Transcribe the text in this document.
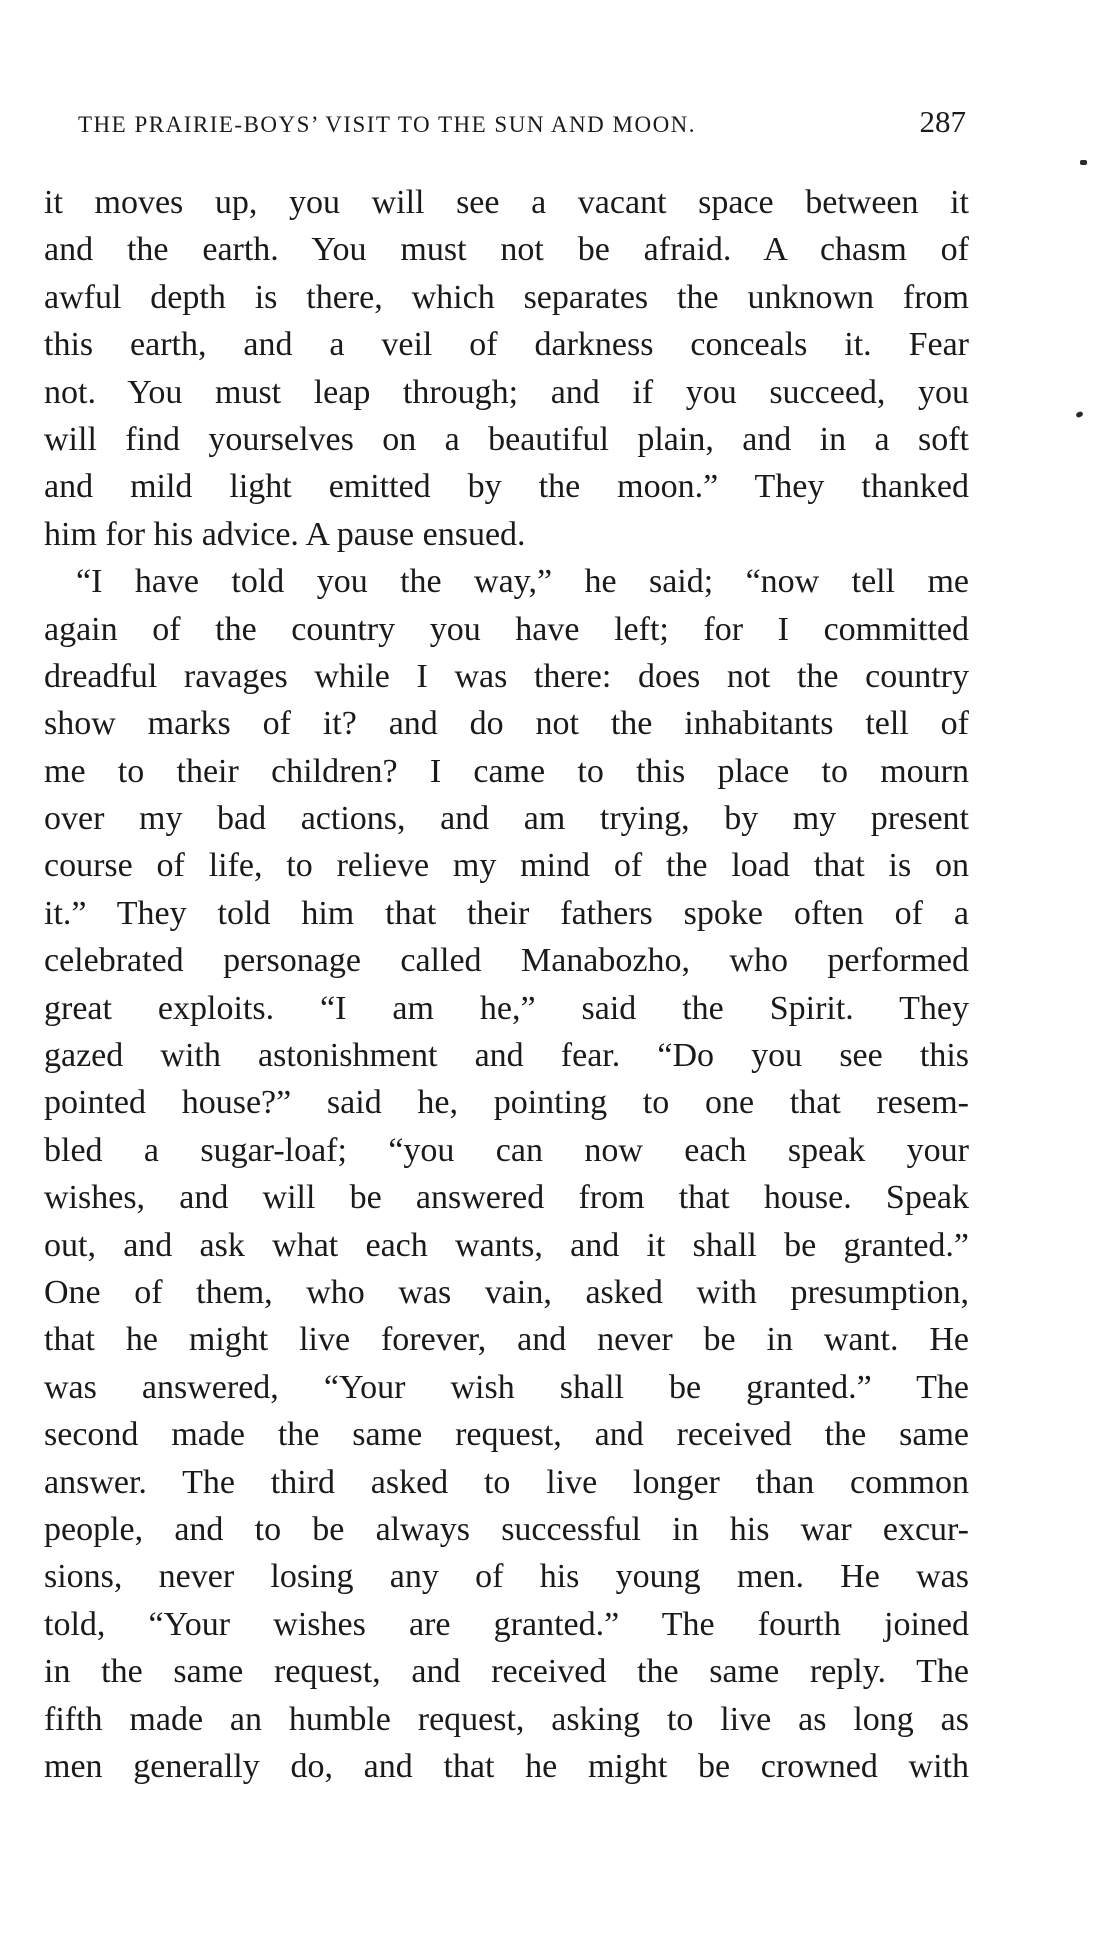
THE PRAIRIE-BOYS’ VISIT TO THE SUN AND MOON.	287
it moves up, you will see a vacant space between it
and the earth. You must not be afraid. A chasm of
awful depth is there, which separates the unknown from
this earth, and a veil of darkness conceals it. Fear
not. You must leap through; and if you succeed, you
will find yourselves on a beautiful plain, and in a soft
and mild light emitted by the moon.” They thanked
him for his advice. A pause ensued.
“I have told you the way,” he said; “now tell me
again of the country you have left; for I committed
dreadful ravages while I was there: does not the country
show marks of it? and do not the inhabitants tell of
me to their children? I came to this place to mourn
over my bad actions, and am trying, by my present
course of life, to relieve my mind of the load that is on
it.” They told him that their fathers spoke often of a
celebrated personage called Manabozho, who performed
great exploits. “I am he,” said the Spirit. They
gazed with astonishment and fear. “Do you see this
pointed house?” said he, pointing to one that resem-
bled a sugar-loaf; “you can now each speak your
wishes, and will be answered from that house. Speak
out, and ask what each wants, and it shall be granted.”
One of them, who was vain, asked with presumption,
that he might live forever, and never be in want. He
was answered, “Your wish shall be granted.” The
second made the same request, and received the same
answer. The third asked to live longer than common
people, and to be always successful in his war excur-
sions, never losing any of his young men. He was
told, “Your wishes are granted.” The fourth joined
in the same request, and received the same reply. The
fifth made an humble request, asking to live as long as
men generally do, and that he might be crowned with
